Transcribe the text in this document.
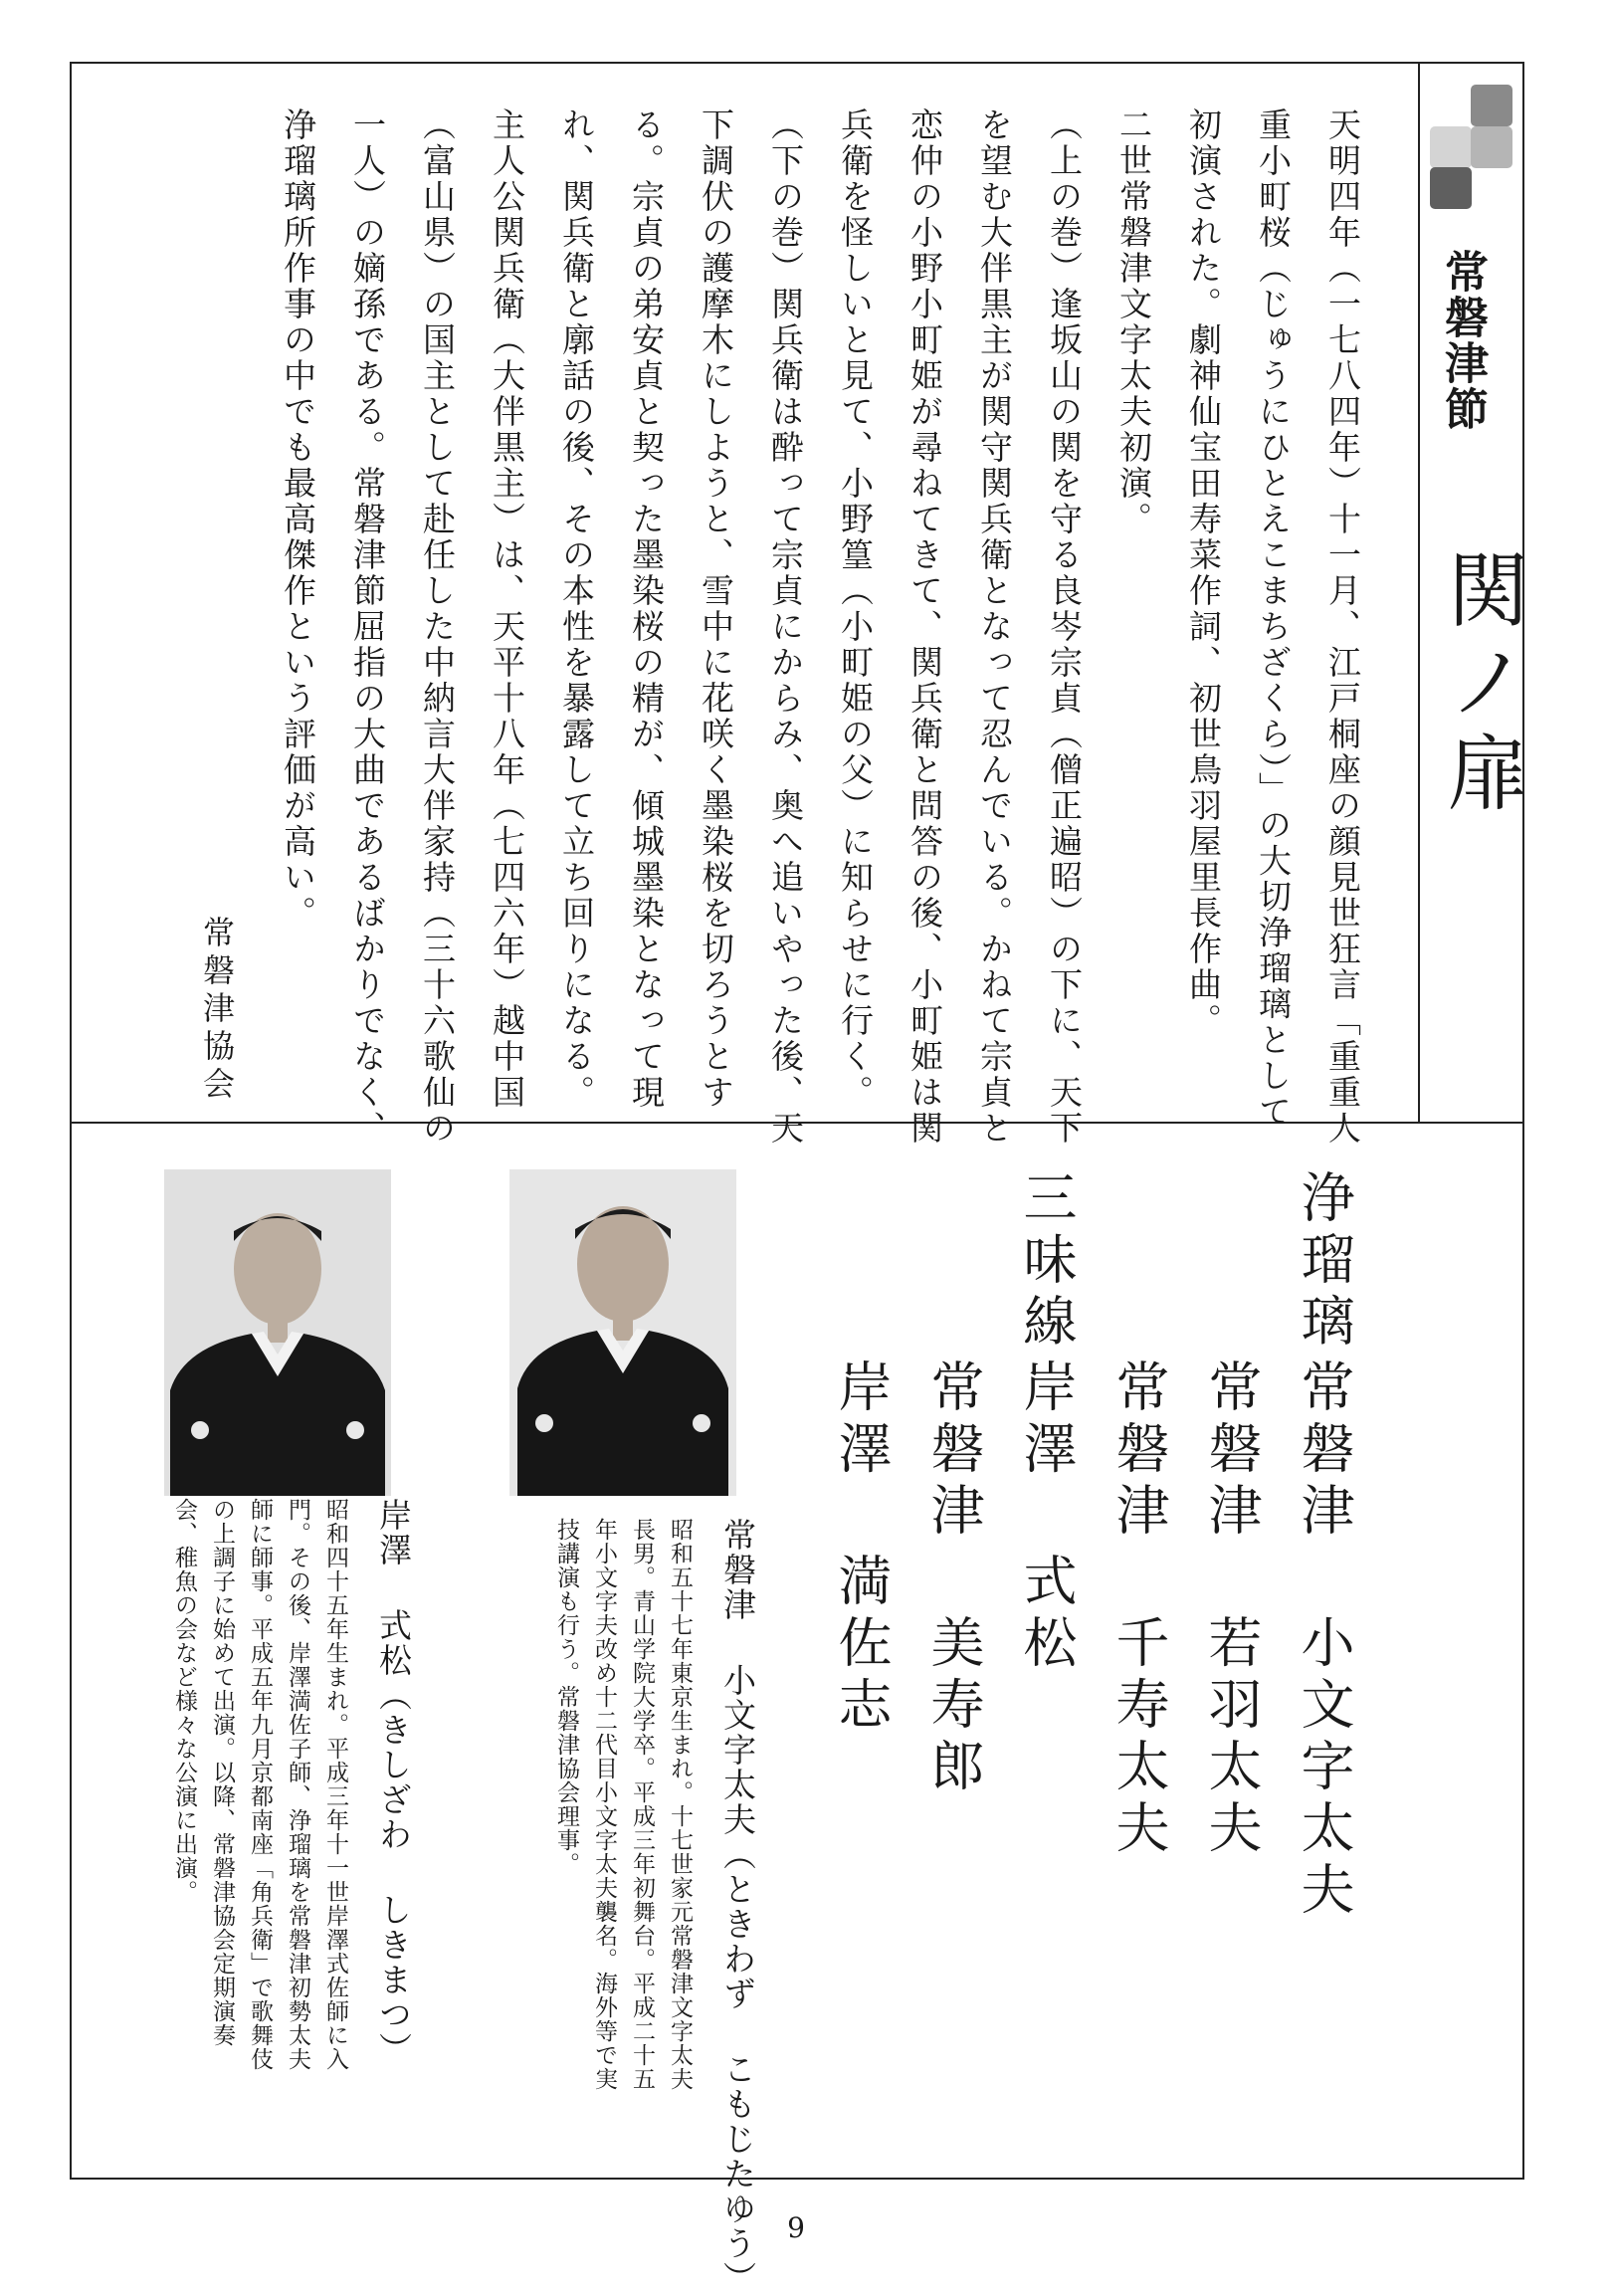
常磐津節
関ノ扉
天明四年（一七八四年）十一月、江戸桐座の顔見世狂言「重重人
重小町桜（じゅうにひとえこまちざくら）」の大切浄瑠璃として
初演された。劇神仙宝田寿菜作詞、初世鳥羽屋里長作曲。
二世常磐津文字太夫初演。
（上の巻）逢坂山の関を守る良岑宗貞（僧正遍昭）の下に、天下
を望む大伴黒主が関守関兵衛となって忍んでいる。かねて宗貞と
恋仲の小野小町姫が尋ねてきて、関兵衛と問答の後、小町姫は関
兵衛を怪しいと見て、小野篁（小町姫の父）に知らせに行く。
（下の巻）関兵衛は酔って宗貞にからみ、奥へ追いやった後、天
下調伏の護摩木にしようと、雪中に花咲く墨染桜を切ろうとす
る。宗貞の弟安貞と契った墨染桜の精が、傾城墨染となって現
れ、関兵衛と廓話の後、その本性を暴露して立ち回りになる。
主人公関兵衛（大伴黒主）は、天平十八年（七四六年）越中国
（富山県）の国主として赴任した中納言大伴家持（三十六歌仙の
一人）の嫡孫である。常磐津節屈指の大曲であるばかりでなく、
浄瑠璃所作事の中でも最高傑作という評価が高い。
常磐津協会
浄瑠璃
常磐津 小文字太夫
常磐津 若羽太夫
常磐津 千寿太夫
三味線
岸澤 式松
常磐津 美寿郎
岸澤 満佐志
常磐津 小文字太夫（ときわず こもじたゆう）
昭和五十七年東京生まれ。十七世家元常磐津文字太夫
長男。青山学院大学卒。平成三年初舞台。平成二十五
年小文字夫改め十二代目小文字太夫襲名。海外等で実
技講演も行う。常磐津協会理事。
岸澤 式松（きしざわ しきまつ）
昭和四十五年生まれ。平成三年十一世岸澤式佐師に入
門。その後、岸澤満佐子師、浄瑠璃を常磐津初勢太夫
師に師事。平成五年九月京都南座「角兵衛」で歌舞伎
の上調子に始めて出演。以降、常磐津協会定期演奏
会、稚魚の会など様々な公演に出演。
9
